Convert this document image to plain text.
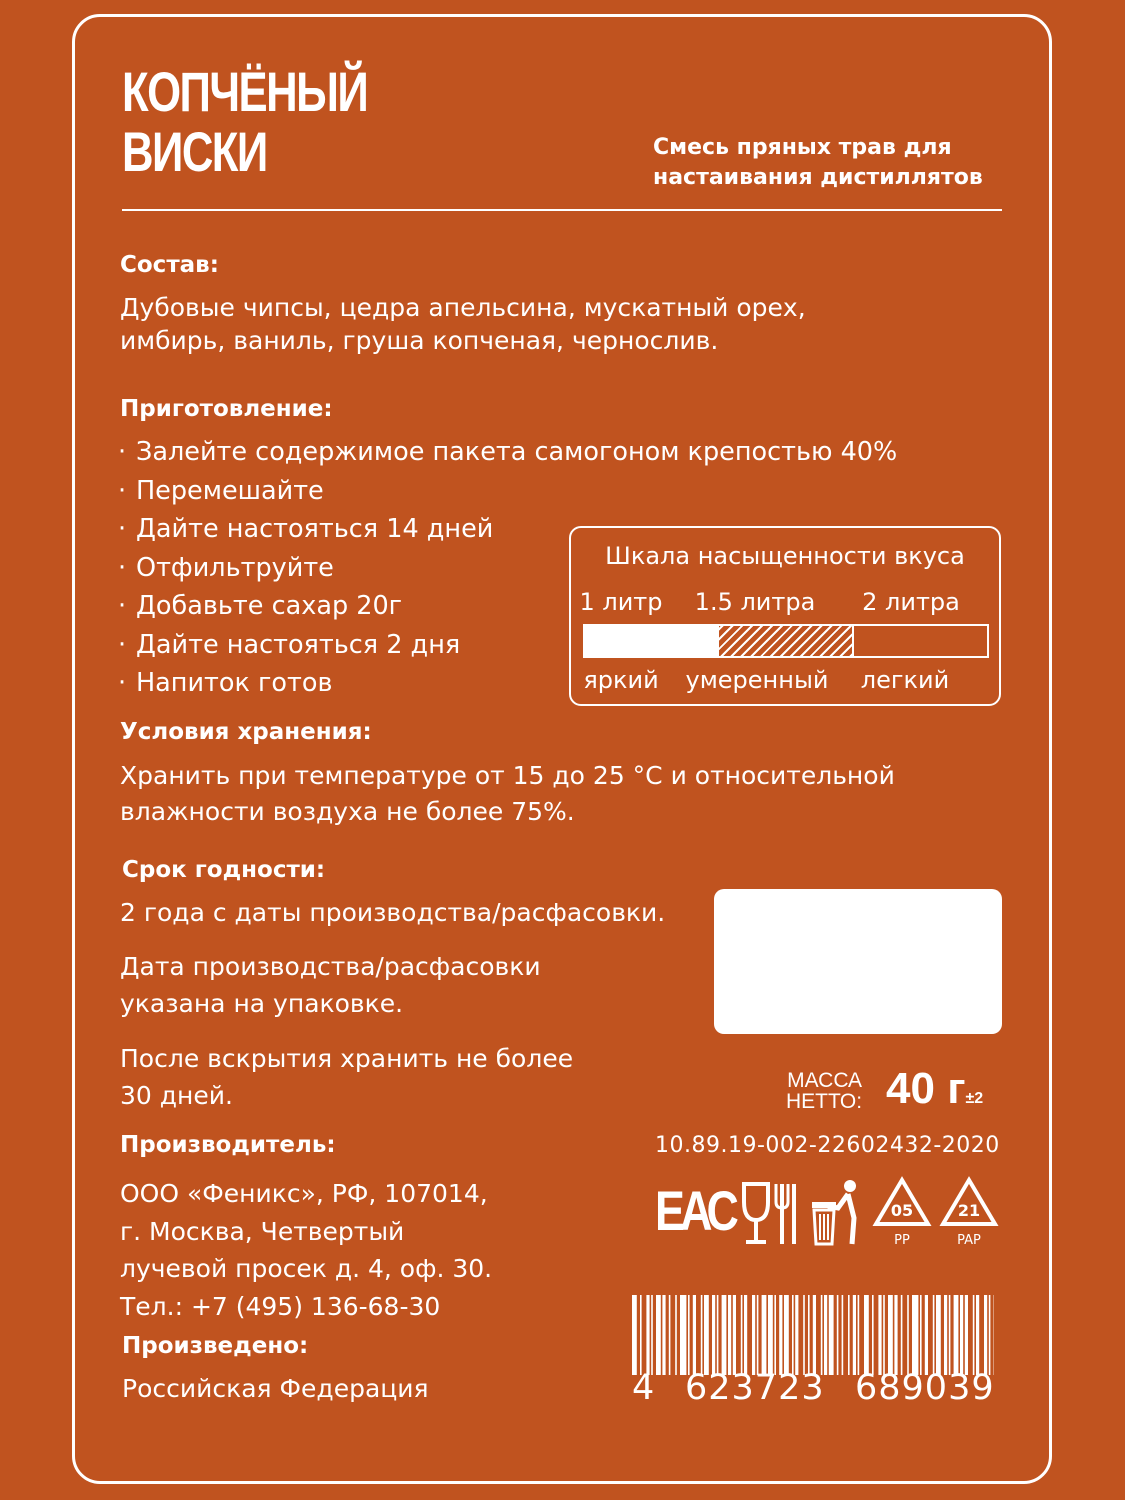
КОПЧЁНЫЙ
ВИСКИ	Смесь пряных трав для
настаивания дистиллятов
Состав:
Дубовые чипсы, цедра апельсина, мускатный орех,
имбирь, ваниль, груша копченая, чернослив.
Приготовление:
· Залейте содержимое пакета самогоном крепостью 40%
· Перемешайте
· Дайте настояться 14 дней
· Отфильтруйте
· Добавьте сахар 20г
· Дайте настояться 2 дня
· Напиток готов
Шкала насыщенности вкуса
1 литр	1.5 литра	2 литра
яркий	умеренный	легкий
Условия хранения:
Хранить при температуре от 15 до 25 °С и относительной
влажности воздуха не более 75%.
Срок годности:
2 года с даты производства/расфасовки.
Дата производства/расфасовки
указана на упаковке.
После вскрытия хранить не более
30 дней.
МАССА
НЕТТО: 40 г±2
10.89.19-002-22602432-2020
ЕАС	05
PP
21
PAP
Производитель:
ООО «Феникс», РФ, 107014,
г. Москва, Четвертый
лучевой просек д. 4, оф. 30.
Тел.: +7 (495) 136-68-30
Произведено:
Российская Федерация	4 623723 689039
